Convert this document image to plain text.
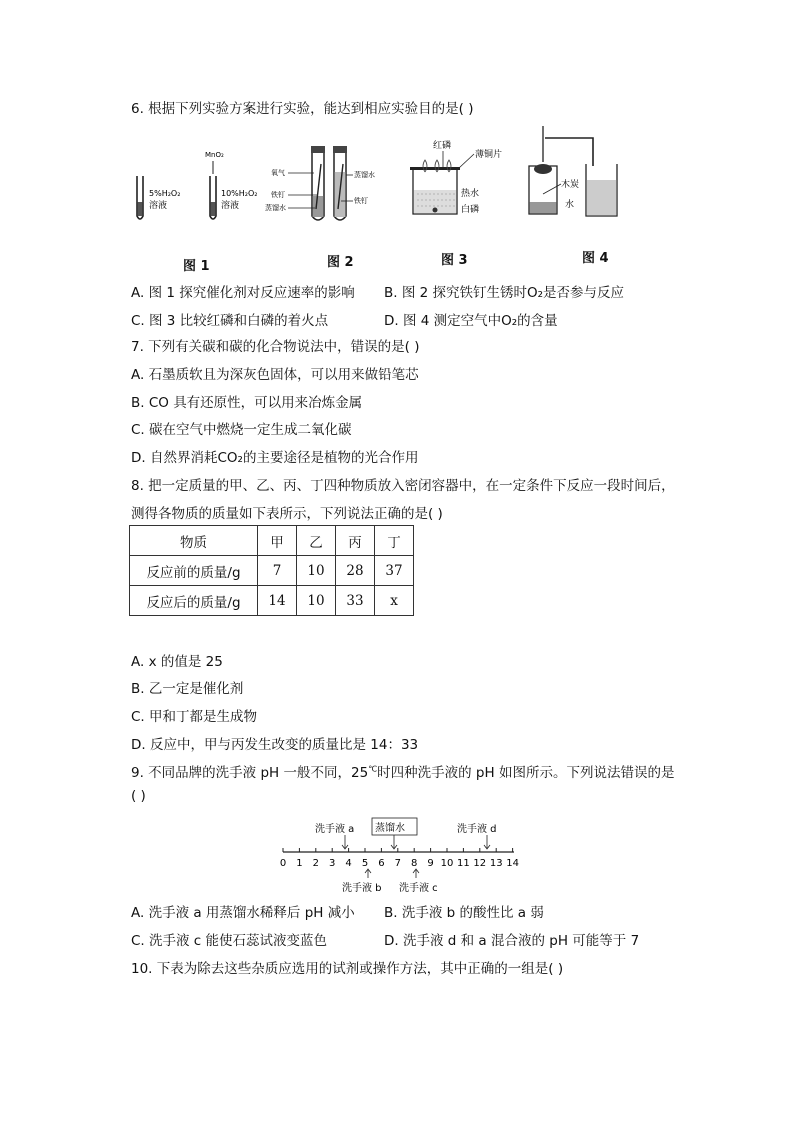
6. 根据下列实验方案进行实验，能达到相应实验目的是( )
5%H₂O₂
溶液
MnO₂
10%H₂O₂
溶液
氧气
铁钉
蒸馏水
蒸馏水
铁钉
红磷
薄铜片
热水
白磷
木炭
水
图 1	图 2	图 3	图 4
A. 图 1 探究催化剂对反应速率的影响 B. 图 2 探究铁钉生锈时O₂是否参与反应
C. 图 3 比较红磷和白磷的着火点	D. 图 4 测定空气中O₂的含量
7. 下列有关碳和碳的化合物说法中，错误的是( )
A. 石墨质软且为深灰色固体，可以用来做铅笔芯
B. CO 具有还原性，可以用来冶炼金属
C. 碳在空气中燃烧一定生成二氧化碳
D. 自然界消耗CO₂的主要途径是植物的光合作用
8. 把一定质量的甲、乙、丙、丁四种物质放入密闭容器中，在一定条件下反应一段时间后，
测得各物质的质量如下表所示，下列说法正确的是( )
物质	甲	乙	丙	丁
反应前的质量/g	7	10	28	37
反应后的质量/g	14	10	33	x
A. x 的值是 25
B. 乙一定是催化剂
C. 甲和丁都是生成物
D. 反应中，甲与丙发生改变的质量比是 14：33
9. 不同品牌的洗手液 pH 一般不同，25℃时四种洗手液的 pH 如图所示。下列说法错误的是
( )
0 1 2 3 4 5 6 7 8 9 10 11 12 13 14
洗手液 a 蒸馏水	洗手液 d
洗手液 b 洗手液 c
A. 洗手液 a 用蒸馏水稀释后 pH 减小 B. 洗手液 b 的酸性比 a 弱
C. 洗手液 c 能使石蕊试液变蓝色	D. 洗手液 d 和 a 混合液的 pH 可能等于 7
10. 下表为除去这些杂质应选用的试剂或操作方法，其中正确的一组是( )
